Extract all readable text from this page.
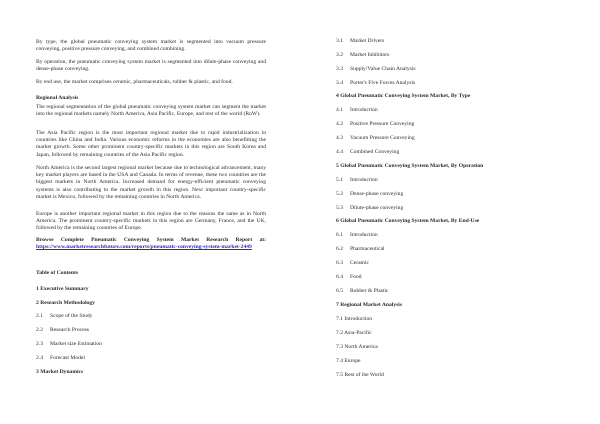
By type, the global pneumatic conveying system market is segmented into vacuum pressure conveying, positive pressure conveying, and combined combining.

By operation, the pneumatic conveying system market is segmented into dilute-phase conveying and dense-phase conveying.

By end use, the market comprises ceramic, pharmaceuticals, rubber & plastic, and food.

Regional Analysis

The regional segmentation of the global pneumatic conveying system market can segment the market into the regional markets namely North America, Asia Pacific, Europe, and rest of the world (RoW).

The Asia Pacific region is the most important regional market due to rapid industrialization in countries like China and India. Various economic reforms in the economies are also benefitting the market growth. Some other prominent country-specific markets in this region are South Korea and Japan, followed by remaining countries of the Asia Pacific region.

North America is the second largest regional market because due to technological advancement, many key market players are based in the USA and Canada. In terms of revenue, these two countries are the biggest markets in North America. Increased demand for energy-efficient pneumatic conveying systems is also contributing to the market growth in this region. Next important country-specific market is Mexico, followed by the remaining countries in North America.

Europe is another important regional market in this region due to the reasons the same as in North America. The prominent country-specific markets in this region are Germany, France, and the UK, followed by the remaining countries of Europe.

Browse Complete Pneumatic Conveying System Market Research Report at: https://www.marketresearchfuture.com/reports/pneumatic-conveying-system-market-2449

Table of Contents

1 Executive Summary

2 Research Methodology

2.1 Scope of the Study

2.2 Research Process

2.3 Market size Estimation

2.4 Forecast Model

3 Market Dynamics

3.1 Market Drivers

3.2 Market Inhibitors

3.3 Supply/Value Chain Analysis

3.4 Porter's Five Forces Analysis

4 Global Pneumatic Conveying System Market, By Type

4.1 Introduction

4.2 Positive Pressure Conveying

4.3 Vacuum Pressure Conveying

4.4 Combined Conveying

5 Global Pneumatic Conveying System Market, By Operation

5.1 Introduction

5.2 Dense-phase conveying

5.3 Dilute-phase conveying

6 Global Pneumatic Conveying System Market, By End-Use

6.1 Introduction

6.2 Pharmaceutical

6.3 Ceramic

6.4 Food

6.5 Rubber & Plastic

7 Regional Market Analysis

7.1 Introduction

7.2 Asia-Pacific

7.3 North America

7.4 Europe

7.5 Rest of the World
